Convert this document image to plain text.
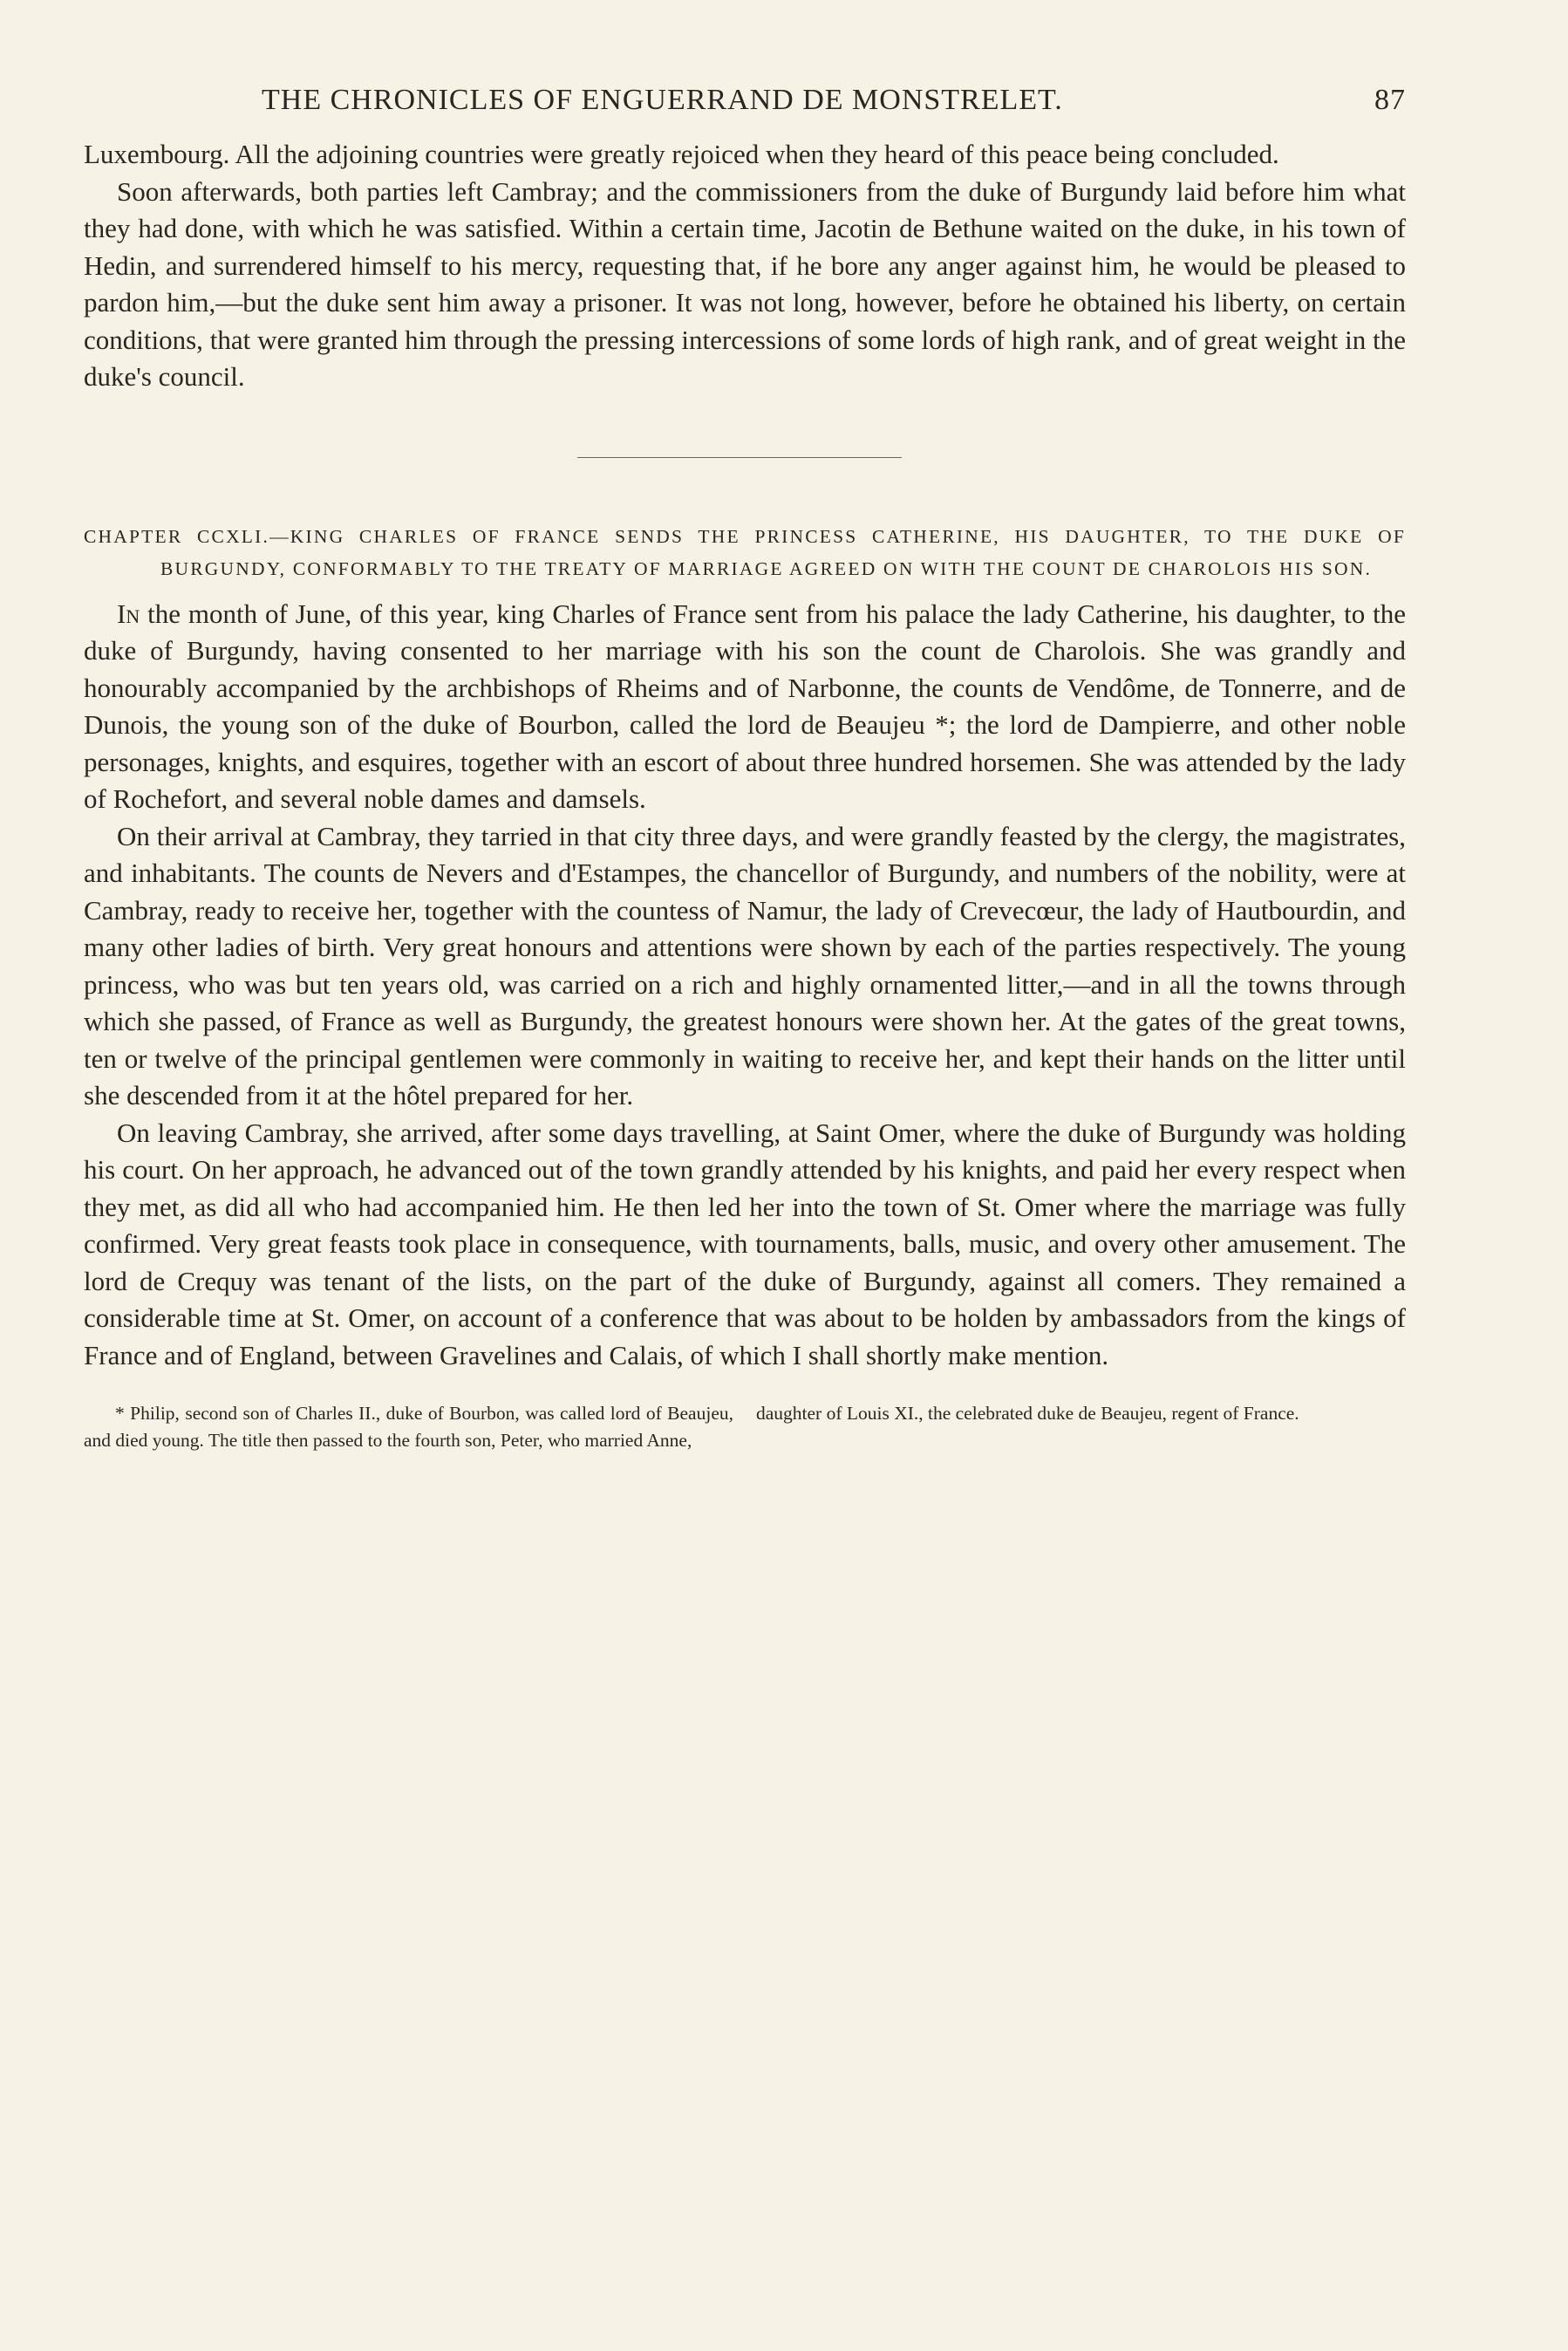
THE CHRONICLES OF ENGUERRAND DE MONSTRELET.	87

Luxembourg. All the adjoining countries were greatly rejoiced when they heard of this peace being concluded.

Soon afterwards, both parties left Cambray; and the commissioners from the duke of Burgundy laid before him what they had done, with which he was satisfied. Within a certain time, Jacotin de Bethune waited on the duke, in his town of Hedin, and surrendered himself to his mercy, requesting that, if he bore any anger against him, he would be pleased to pardon him,—but the duke sent him away a prisoner. It was not long, however, before he obtained his liberty, on certain conditions, that were granted him through the pressing intercessions of some lords of high rank, and of great weight in the duke's council.

CHAPTER CCXLI.—KING CHARLES OF FRANCE SENDS THE PRINCESS CATHERINE, HIS DAUGHTER, TO THE DUKE OF BURGUNDY, CONFORMABLY TO THE TREATY OF MARRIAGE AGREED ON WITH THE COUNT DE CHAROLOIS HIS SON.

In the month of June, of this year, king Charles of France sent from his palace the lady Catherine, his daughter, to the duke of Burgundy, having consented to her marriage with his son the count de Charolois. She was grandly and honourably accompanied by the archbishops of Rheims and of Narbonne, the counts de Vendôme, de Tonnerre, and de Dunois, the young son of the duke of Bourbon, called the lord de Beaujeu *; the lord de Dampierre, and other noble personages, knights, and esquires, together with an escort of about three hundred horsemen. She was attended by the lady of Rochefort, and several noble dames and damsels.

On their arrival at Cambray, they tarried in that city three days, and were grandly feasted by the clergy, the magistrates, and inhabitants. The counts de Nevers and d'Estampes, the chancellor of Burgundy, and numbers of the nobility, were at Cambray, ready to receive her, together with the countess of Namur, the lady of Crevecœur, the lady of Hautbourdin, and many other ladies of birth. Very great honours and attentions were shown by each of the parties respectively. The young princess, who was but ten years old, was carried on a rich and highly ornamented litter,—and in all the towns through which she passed, of France as well as Burgundy, the greatest honours were shown her. At the gates of the great towns, ten or twelve of the principal gentlemen were commonly in waiting to receive her, and kept their hands on the litter until she descended from it at the hôtel prepared for her.

On leaving Cambray, she arrived, after some days travelling, at Saint Omer, where the duke of Burgundy was holding his court. On her approach, he advanced out of the town grandly attended by his knights, and paid her every respect when they met, as did all who had accompanied him. He then led her into the town of St. Omer where the marriage was fully confirmed. Very great feasts took place in consequence, with tournaments, balls, music, and overy other amusement. The lord de Crequy was tenant of the lists, on the part of the duke of Burgundy, against all comers. They remained a considerable time at St. Omer, on account of a conference that was about to be holden by ambassadors from the kings of France and of England, between Gravelines and Calais, of which I shall shortly make mention.

* Philip, second son of Charles II., duke of Bourbon, was called lord of Beaujeu, and died young. The title then passed to the fourth son, Peter, who married Anne,

daughter of Louis XI., the celebrated duke de Beaujeu, regent of France.
